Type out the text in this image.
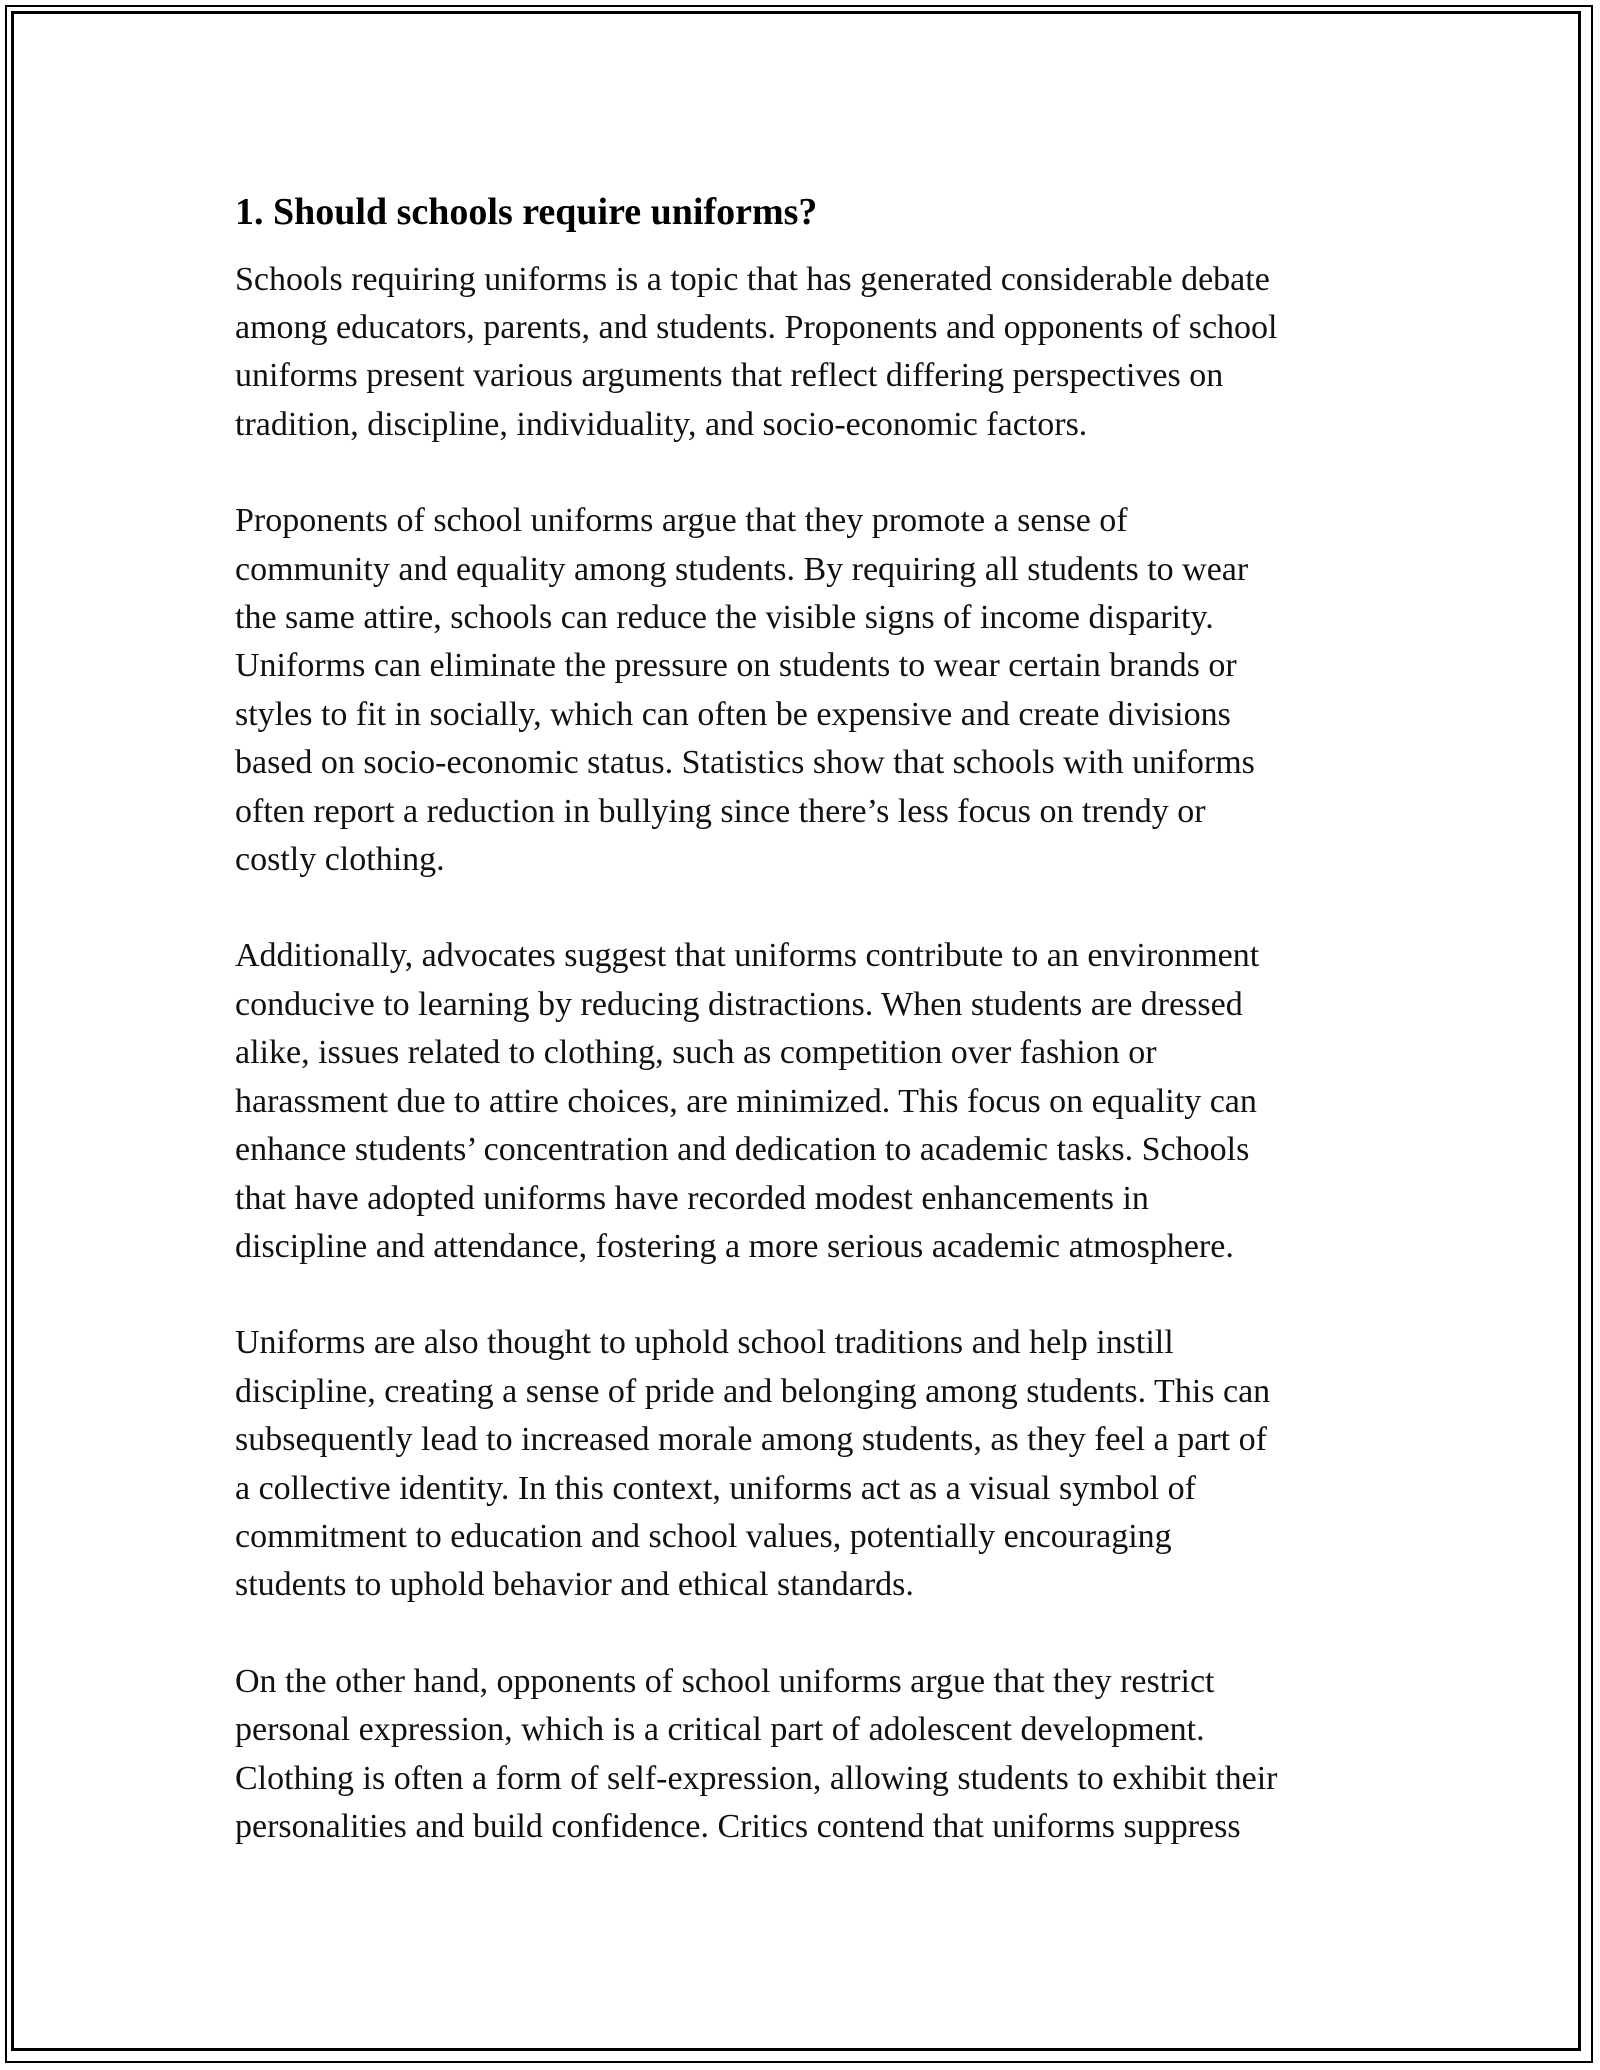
1. Should schools require uniforms?

Schools requiring uniforms is a topic that has generated considerable debate
among educators, parents, and students. Proponents and opponents of school
uniforms present various arguments that reflect differing perspectives on
tradition, discipline, individuality, and socio-economic factors.

Proponents of school uniforms argue that they promote a sense of
community and equality among students. By requiring all students to wear
the same attire, schools can reduce the visible signs of income disparity.
Uniforms can eliminate the pressure on students to wear certain brands or
styles to fit in socially, which can often be expensive and create divisions
based on socio-economic status. Statistics show that schools with uniforms
often report a reduction in bullying since there’s less focus on trendy or
costly clothing.

Additionally, advocates suggest that uniforms contribute to an environment
conducive to learning by reducing distractions. When students are dressed
alike, issues related to clothing, such as competition over fashion or
harassment due to attire choices, are minimized. This focus on equality can
enhance students’ concentration and dedication to academic tasks. Schools
that have adopted uniforms have recorded modest enhancements in
discipline and attendance, fostering a more serious academic atmosphere.

Uniforms are also thought to uphold school traditions and help instill
discipline, creating a sense of pride and belonging among students. This can
subsequently lead to increased morale among students, as they feel a part of
a collective identity. In this context, uniforms act as a visual symbol of
commitment to education and school values, potentially encouraging
students to uphold behavior and ethical standards.

On the other hand, opponents of school uniforms argue that they restrict
personal expression, which is a critical part of adolescent development.
Clothing is often a form of self-expression, allowing students to exhibit their
personalities and build confidence. Critics contend that uniforms suppress
